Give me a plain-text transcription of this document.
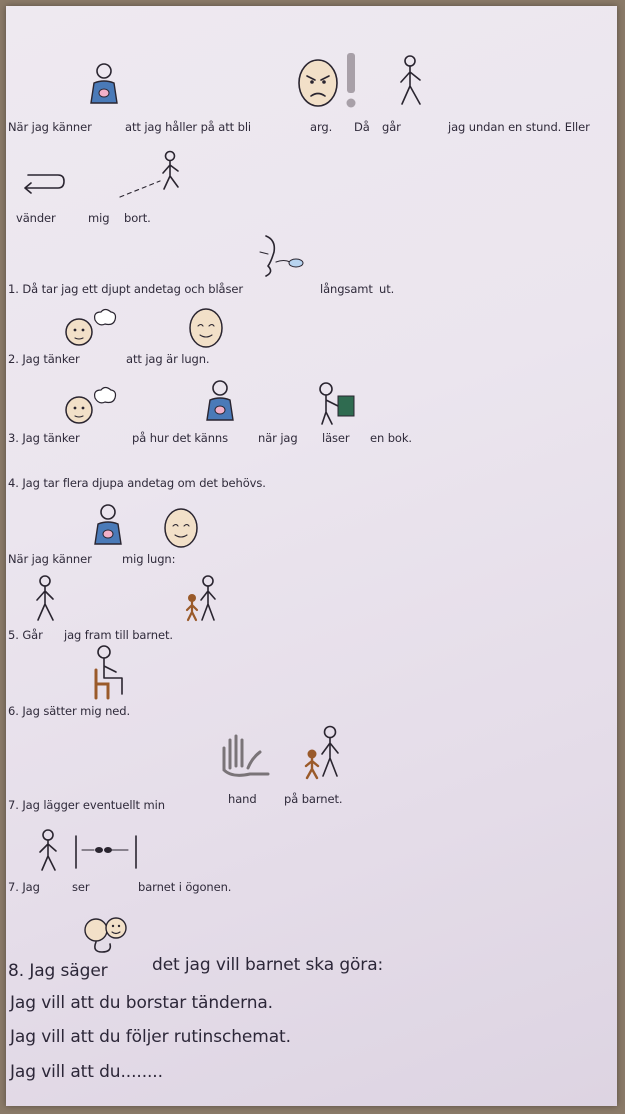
När jag känner	att jag håller på att bli	arg. Då går	jag undan en stund. Eller
vänder	mig bort.
1. Då tar jag ett djupt andetag och blåser	långsamt ut.
2. Jag tänker	att jag är lugn.
3. Jag tänker	på hur det känns	när jag läser en bok.
4. Jag tar flera djupa andetag om det behövs.
När jag känner	mig lugn:
5. Går jag fram till barnet.
6. Jag sätter mig ned.
7. Jag lägger eventuellt min	hand på barnet.
7. Jag	ser	barnet i ögonen.
8. Jag säger	det jag vill barnet ska göra:
Jag vill att du borstar tänderna.
Jag vill att du följer rutinschemat.
Jag vill att du........
